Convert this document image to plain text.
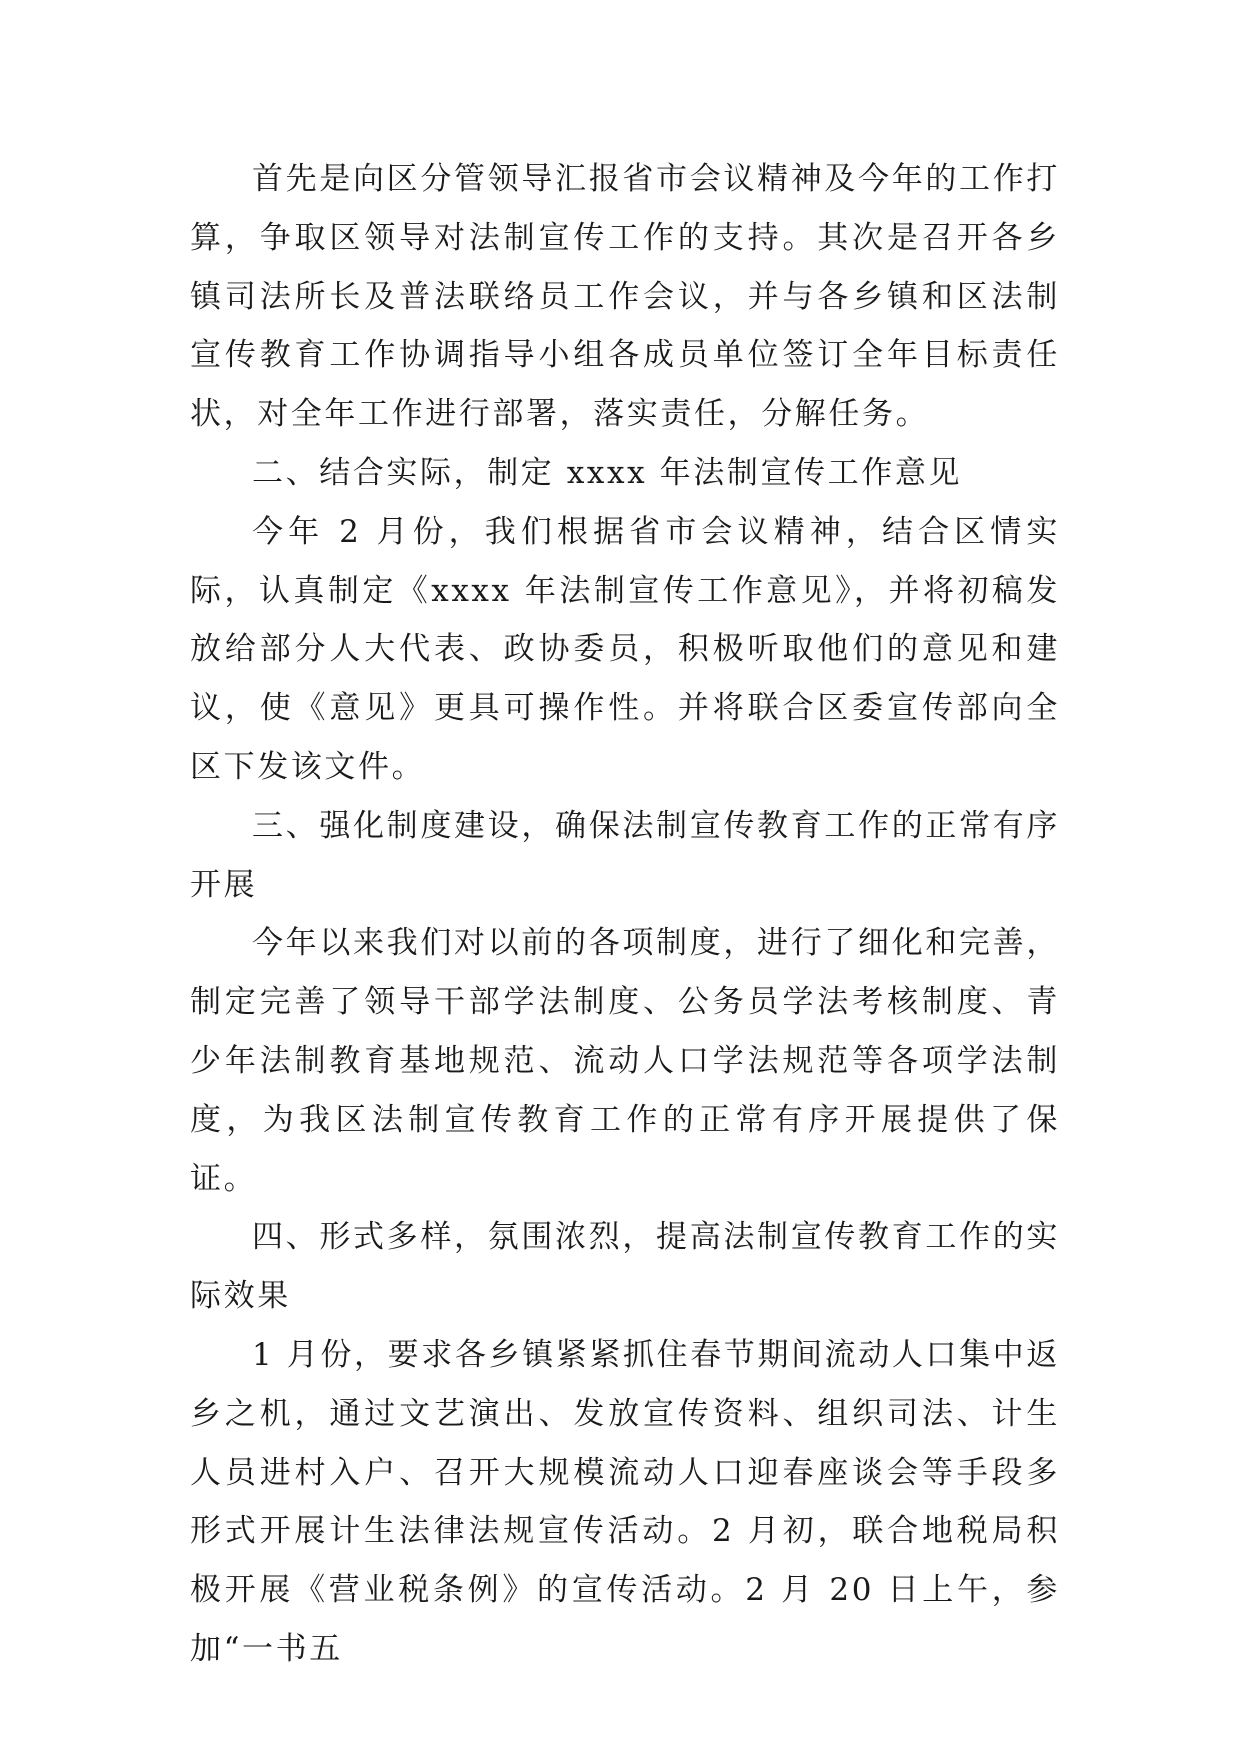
首先是向区分管领导汇报省市会议精神及今年的工作打算，争取区领导对法制宣传工作的支持。其次是召开各乡镇司法所长及普法联络员工作会议，并与各乡镇和区法制宣传教育工作协调指导小组各成员单位签订全年目标责任状，对全年工作进行部署，落实责任，分解任务。

二、结合实际，制定 xxxx 年法制宣传工作意见

今年 2 月份，我们根据省市会议精神，结合区情实际，认真制定《xxxx 年法制宣传工作意见》，并将初稿发放给部分人大代表、政协委员，积极听取他们的意见和建议，使《意见》更具可操作性。并将联合区委宣传部向全区下发该文件。

三、强化制度建设，确保法制宣传教育工作的正常有序开展

今年以来我们对以前的各项制度，进行了细化和完善，制定完善了领导干部学法制度、公务员学法考核制度、青少年法制教育基地规范、流动人口学法规范等各项学法制度，为我区法制宣传教育工作的正常有序开展提供了保证。

四、形式多样，氛围浓烈，提高法制宣传教育工作的实际效果

1 月份，要求各乡镇紧紧抓住春节期间流动人口集中返乡之机，通过文艺演出、发放宣传资料、组织司法、计生人员进村入户、召开大规模流动人口迎春座谈会等手段多形式开展计生法律法规宣传活动。2 月初，联合地税局积极开展《营业税条例》的宣传活动。2 月 20 日上午，参加“一书五
